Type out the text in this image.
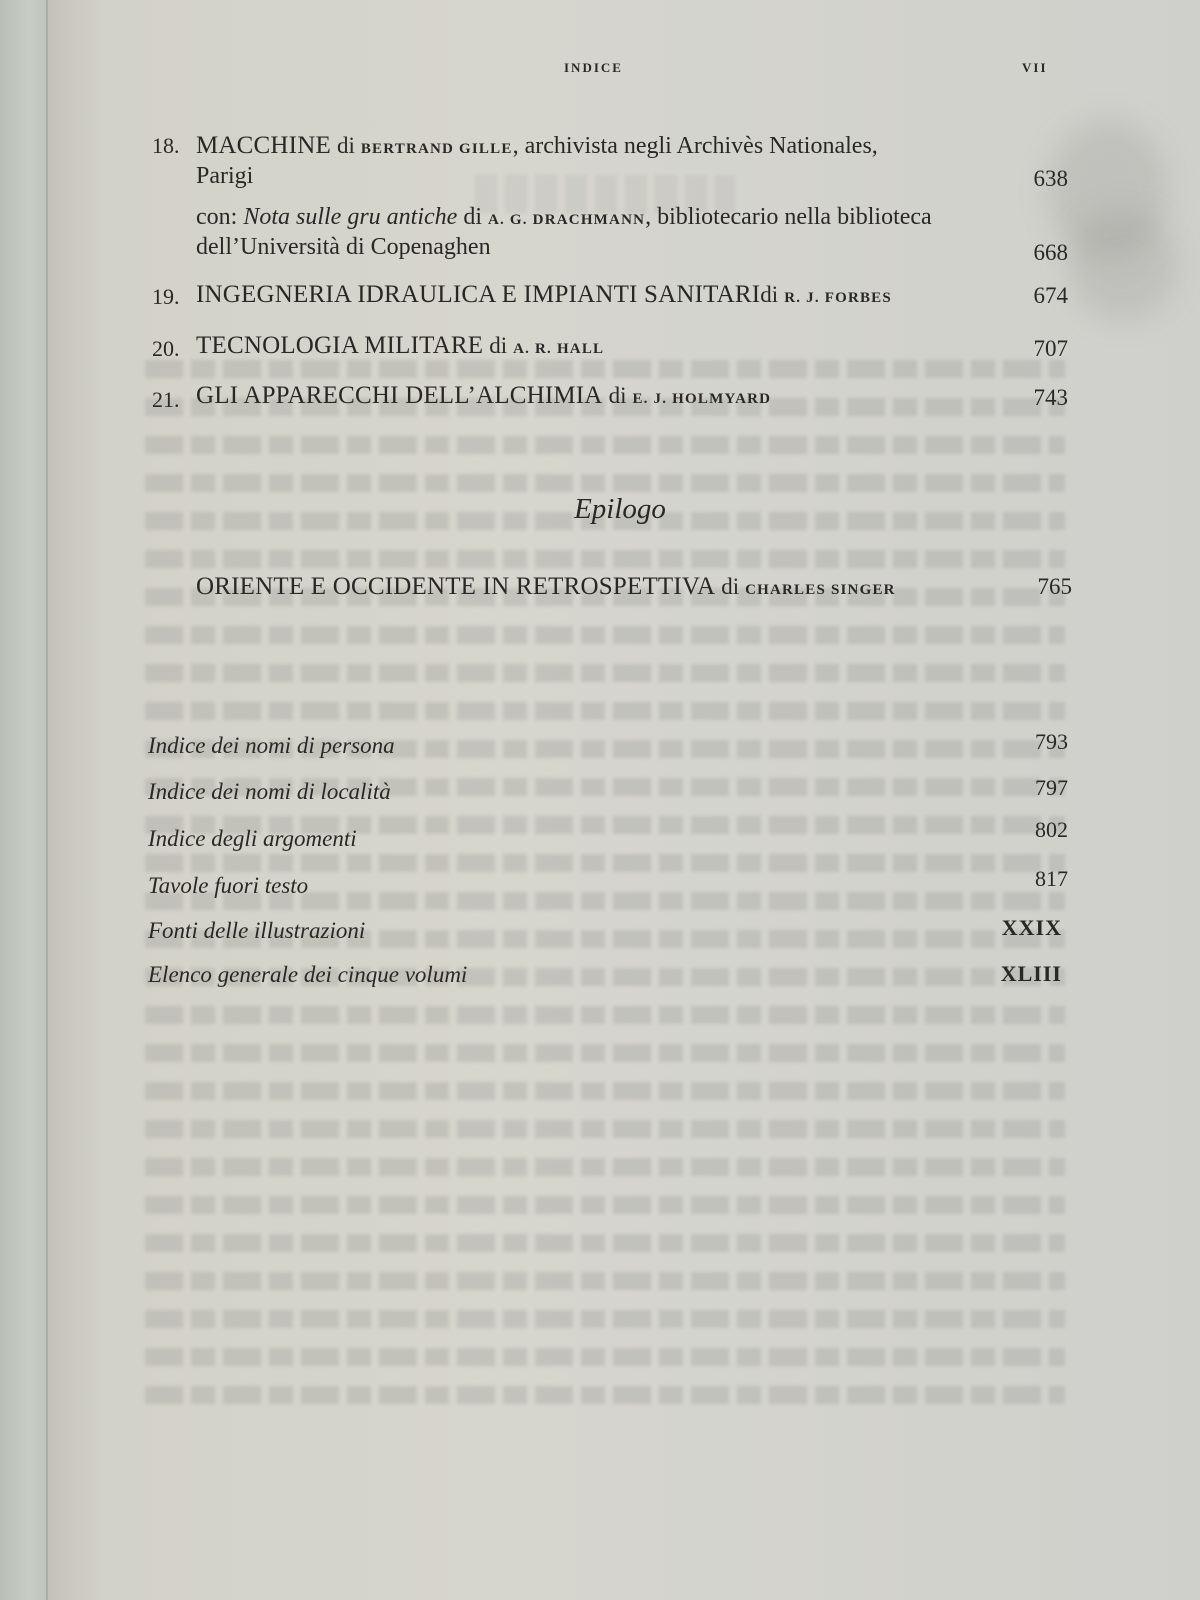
INDICE	VII
18. MACCHINE di BERTRAND GILLE, archivista negli Archivès Nationales,
Parigi	638
con: Nota sulle gru antiche di A. G. DRACHMANN, bibliotecario nella biblioteca
dell’Università di Copenaghen	668
19. INGEGNERIA IDRAULICA E IMPIANTI SANITARIdi R. J. FORBES	674
20. TECNOLOGIA MILITARE di A. R. HALL	707
21. GLI APPARECCHI DELL’ALCHIMIA di E. J. HOLMYARD	743
Epilogo
ORIENTE E OCCIDENTE IN RETROSPETTIVA di CHARLES SINGER	765
Indice dei nomi di persona	793
Indice dei nomi di località	797
Indice degli argomenti	802
Tavole fuori testo	817
Fonti delle illustrazioni	XXIX
Elenco generale dei cinque volumi	XLIII
